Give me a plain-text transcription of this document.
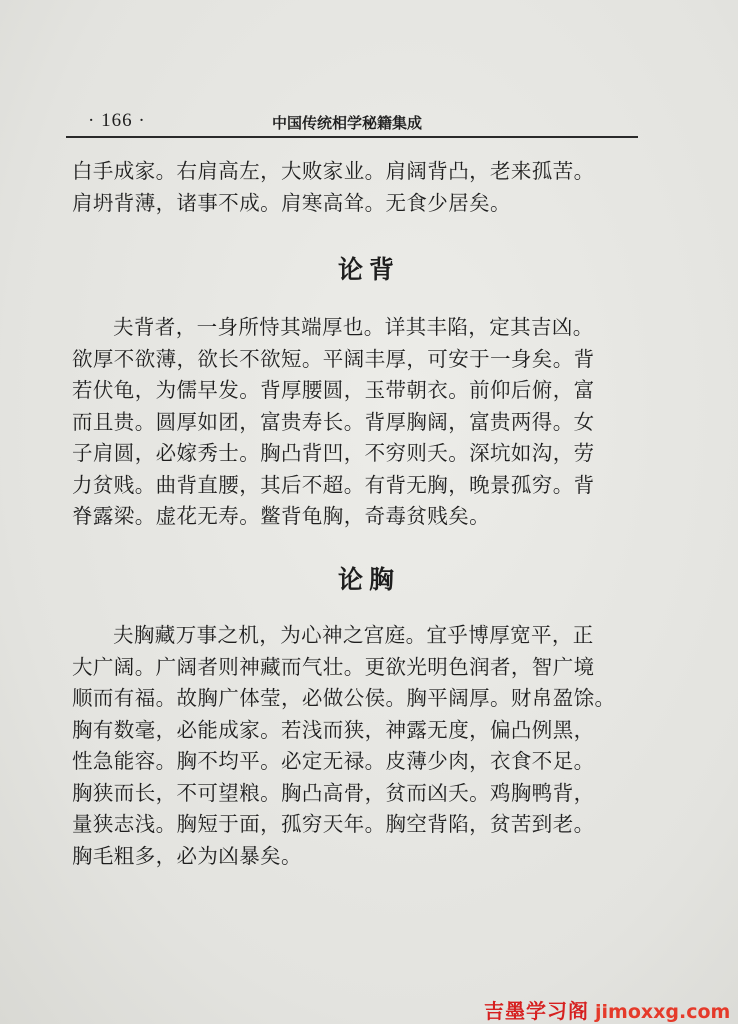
· 166 ·	中国传统相学秘籍集成

白手成家。右肩高左，大败家业。肩阔背凸，老来孤苦。
肩坍背薄，诸事不成。肩寒高耸。无食少居矣。

论背

夫背者，一身所恃其端厚也。详其丰陷，定其吉凶。
欲厚不欲薄，欲长不欲短。平阔丰厚，可安于一身矣。背
若伏龟，为儒早发。背厚腰圆，玉带朝衣。前仰后俯，富
而且贵。圆厚如团，富贵寿长。背厚胸阔，富贵两得。女
子肩圆，必嫁秀士。胸凸背凹，不穷则夭。深坑如沟，劳
力贫贱。曲背直腰，其后不超。有背无胸，晚景孤穷。背
脊露梁。虚花无寿。鳖背龟胸，奇毒贫贱矣。

论胸

夫胸藏万事之机，为心神之宫庭。宜乎博厚宽平，正
大广阔。广阔者则神藏而气壮。更欲光明色润者，智广境
顺而有福。故胸广体莹，必做公侯。胸平阔厚。财帛盈馀。
胸有数毫，必能成家。若浅而狭，神露无度，偏凸例黑，
性急能容。胸不均平。必定无禄。皮薄少肉，衣食不足。
胸狭而长，不可望粮。胸凸高骨，贫而凶夭。鸡胸鸭背，
量狭志浅。胸短于面，孤穷天年。胸空背陷，贫苦到老。
胸毛粗多，必为凶暴矣。

吉墨学习阁 jimoxxg.com
